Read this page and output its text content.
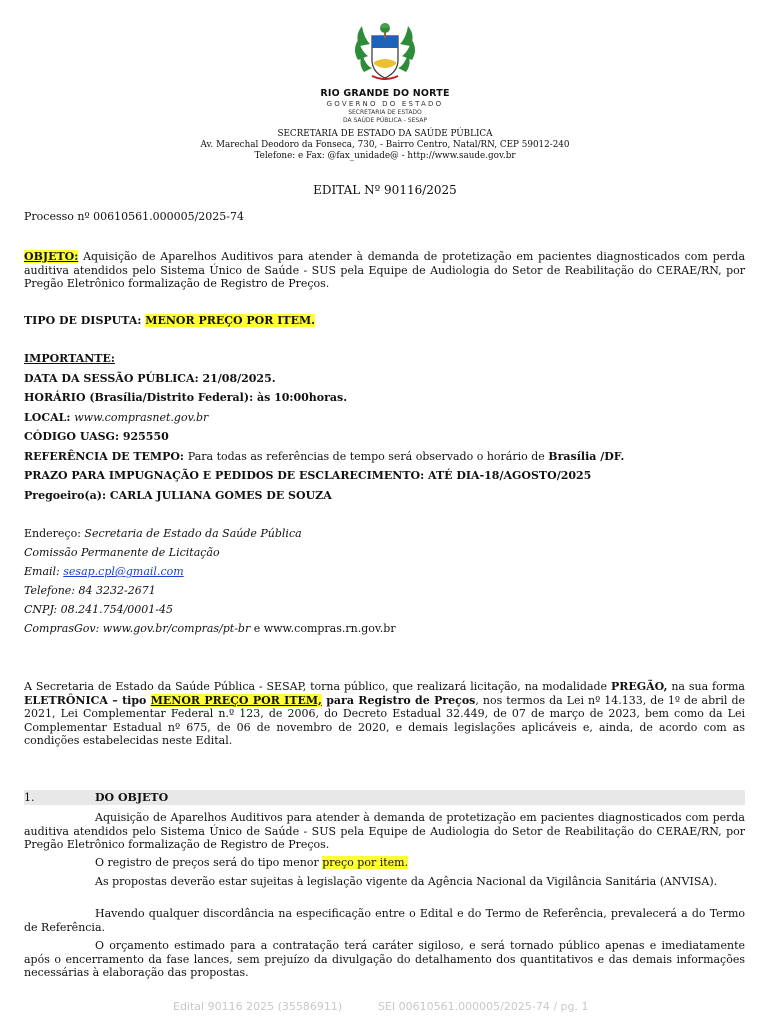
RIO GRANDE DO NORTE
GOVERNO DO ESTADO
SECRETARIA DE ESTADO
DA SAÚDE PÚBLICA - SESAP
SECRETARIA DE ESTADO DA SAÚDE PÚBLICA
Av. Marechal Deodoro da Fonseca, 730, - Bairro Centro, Natal/RN, CEP 59012-240
Telefone: e Fax: @fax_unidade@ - http://www.saude.gov.br
EDITAL Nº 90116/2025
Processo nº 00610561.000005/2025-74
OBJETO: Aquisição de Aparelhos Auditivos para atender à demanda de protetização em pacientes diagnosticados com perda auditiva atendidos pelo Sistema Único de Saúde - SUS pela Equipe de Audiologia do Setor de Reabilitação do CERAE/RN, por Pregão Eletrônico formalização de Registro de Preços.
TIPO DE DISPUTA: MENOR PREÇO POR ITEM.
IMPORTANTE:
DATA DA SESSÃO PÚBLICA: 21/08/2025.
HORÁRIO (Brasília/Distrito Federal): às 10:00horas.
LOCAL: www.comprasnet.gov.br
CÓDIGO UASG: 925550
REFERÊNCIA DE TEMPO: Para todas as referências de tempo será observado o horário de Brasília /DF.
PRAZO PARA IMPUGNAÇÃO E PEDIDOS DE ESCLARECIMENTO: ATÉ DIA-18/AGOSTO/2025
Pregoeiro(a): CARLA JULIANA GOMES DE SOUZA
Endereço: Secretaria de Estado da Saúde Pública
Comissão Permanente de Licitação
Email: sesap.cpl@gmail.com
Telefone: 84 3232-2671
CNPJ: 08.241.754/0001-45
ComprasGov: www.gov.br/compras/pt-br e www.compras.rn.gov.br
A Secretaria de Estado da Saúde Pública - SESAP, torna público, que realizará licitação, na modalidade PREGÃO, na sua forma ELETRÔNICA – tipo MENOR PREÇO POR ITEM, para Registro de Preços, nos termos da Lei nº 14.133, de 1º de abril de 2021, Lei Complementar Federal n.º 123, de 2006, do Decreto Estadual 32.449, de 07 de março de 2023, bem como da Lei Complementar Estadual nº 675, de 06 de novembro de 2020, e demais legislações aplicáveis e, ainda, de acordo com as condições estabelecidas neste Edital.
1.	DO OBJETO
Aquisição de Aparelhos Auditivos para atender à demanda de protetização em pacientes diagnosticados com perda auditiva atendidos pelo Sistema Único de Saúde - SUS pela Equipe de Audiologia do Setor de Reabilitação do CERAE/RN, por Pregão Eletrônico formalização de Registro de Preços.
O registro de preços será do tipo menor preço por item.
As propostas deverão estar sujeitas à legislação vigente da Agência Nacional da Vigilância Sanitária (ANVISA).
Havendo qualquer discordância na especificação entre o Edital e do Termo de Referência, prevalecerá a do Termo de Referência.
O orçamento estimado para a contratação terá caráter sigiloso, e será tornado público apenas e imediatamente após o encerramento da fase lances, sem prejuízo da divulgação do detalhamento dos quantitativos e das demais informações necessárias à elaboração das propostas.
Edital 90116 2025 (35586911)	SEI 00610561.000005/2025-74 / pg. 1
